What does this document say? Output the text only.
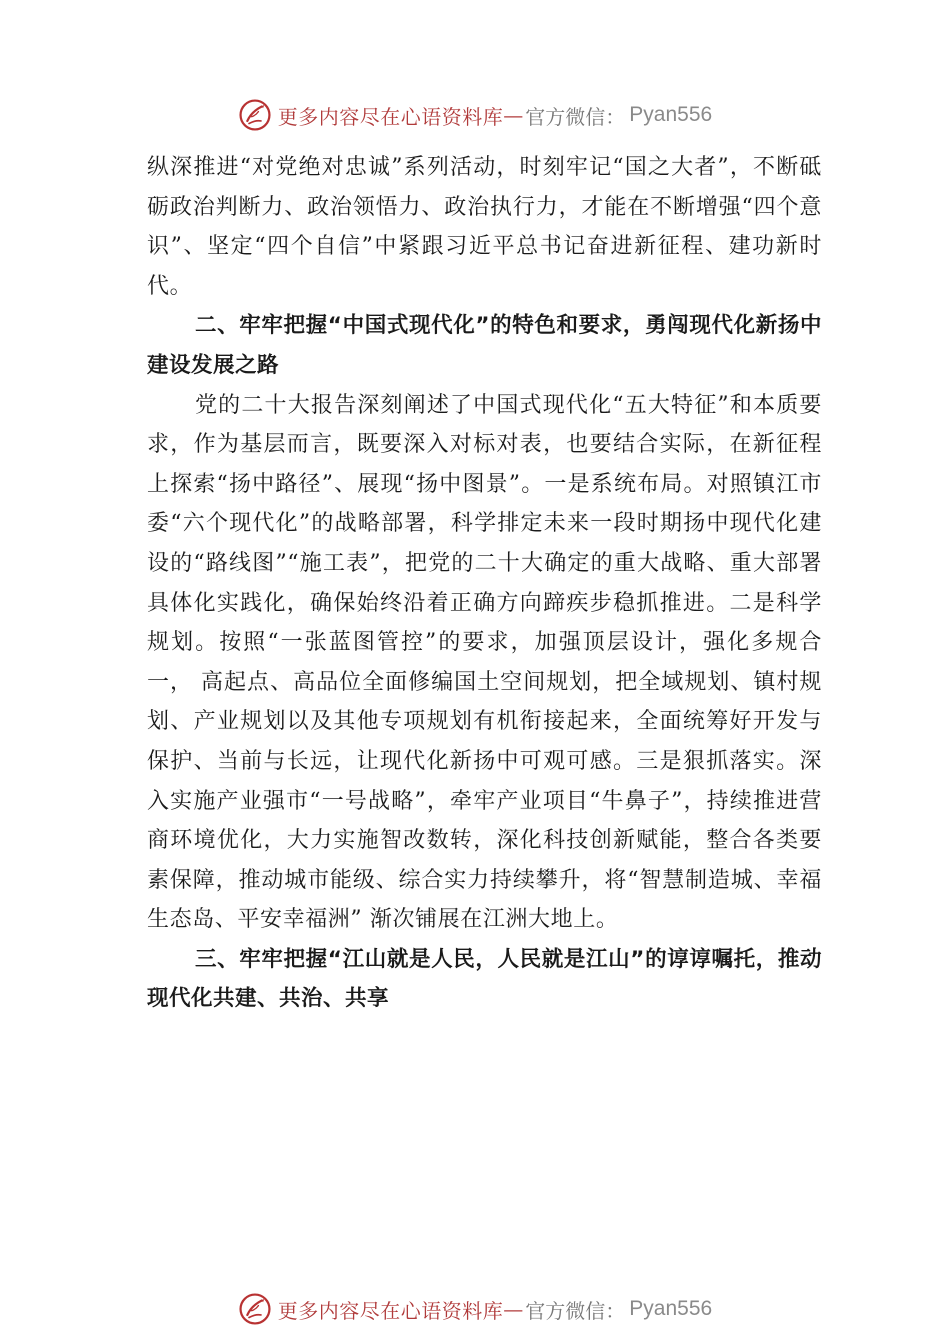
更多内容尽在心语资料库 — 官方微信： Pyan556

纵深推进“对党绝对忠诚”系列活动，时刻牢记“国之大者”，不断砥砺政治判断力、政治领悟力、政治执行力，才能在不断增强“四个意识”、坚定“四个自信”中紧跟习近平总书记奋进新征程、建功新时代。

二、牢牢把握“中国式现代化”的特色和要求，勇闯现代化新扬中建设发展之路

党的二十大报告深刻阐述了中国式现代化“五大特征”和本质要求，作为基层而言，既要深入对标对表，也要结合实际，在新征程上探索“扬中路径”、展现“扬中图景”。一是系统布局。对照镇江市委“六个现代化”的战略部署，科学排定未来一段时期扬中现代化建设的“路线图”“施工表”，把党的二十大确定的重大战略、重大部署具体化实践化，确保始终沿着正确方向蹄疾步稳抓推进。二是科学规划。按照“一张蓝图管控”的要求，加强顶层设计，强化多规合一， 高起点、高品位全面修编国土空间规划，把全域规划、镇村规划、产业规划以及其他专项规划有机衔接起来，全面统筹好开发与保护、当前与长远，让现代化新扬中可观可感。三是狠抓落实。深入实施产业强市“一号战略”，牵牢产业项目“牛鼻子”，持续推进营商环境优化，大力实施智改数转，深化科技创新赋能，整合各类要素保障，推动城市能级、综合实力持续攀升，将“智慧制造城、幸福生态岛、平安幸福洲” 渐次铺展在江洲大地上。

三、牢牢把握“江山就是人民，人民就是江山”的谆谆嘱托，推动现代化共建、共治、共享

更多内容尽在心语资料库 — 官方微信： Pyan556
